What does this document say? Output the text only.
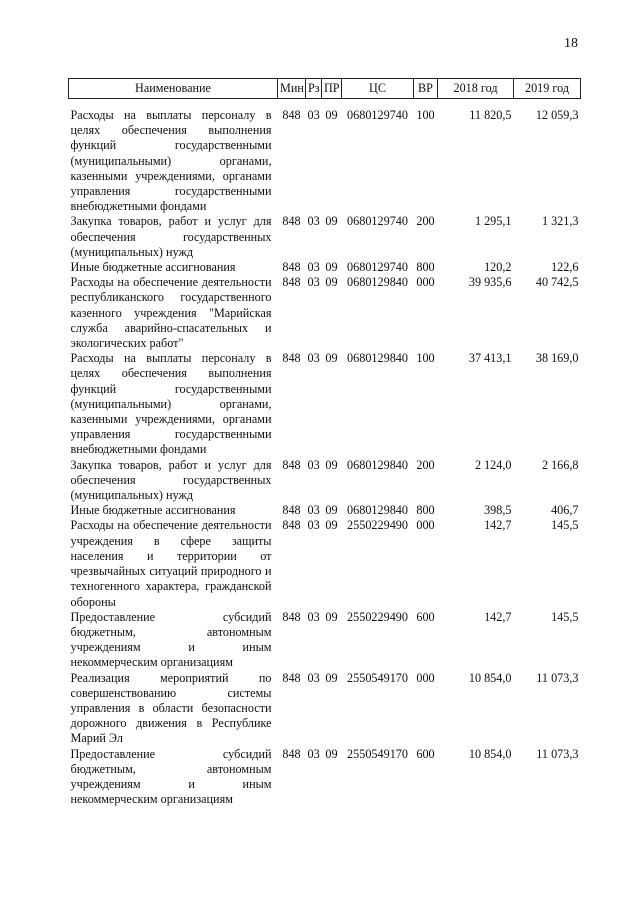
18
Наименование	Мин	Рз	ПР	ЦС	ВР	2018 год	2019 год
Расходы на выплаты персоналу в целях обеспечения выполнения функций государственными (муниципальными) органами, казенными учреждениями, органами управления государственными внебюджетными фондами	848	03	09	0680129740	100	11 820,5	12 059,3
Закупка товаров, работ и услуг для обеспечения государственных (муниципальных) нужд	848	03	09	0680129740	200	1 295,1	1 321,3
Иные бюджетные ассигнования	848	03	09	0680129740	800	120,2	122,6
Расходы на обеспечение деятельности республиканского государственного казенного учреждения "Марийская служба аварийно-спасательных и экологических работ"	848	03	09	0680129840	000	39 935,6	40 742,5
Расходы на выплаты персоналу в целях обеспечения выполнения функций государственными (муниципальными) органами, казенными учреждениями, органами управления государственными внебюджетными фондами	848	03	09	0680129840	100	37 413,1	38 169,0
Закупка товаров, работ и услуг для обеспечения государственных (муниципальных) нужд	848	03	09	0680129840	200	2 124,0	2 166,8
Иные бюджетные ассигнования	848	03	09	0680129840	800	398,5	406,7
Расходы на обеспечение деятельности учреждения в сфере защиты населения и территории от чрезвычайных ситуаций природного и техногенного характера, гражданской обороны	848	03	09	2550229490	000	142,7	145,5
Предоставление субсидий бюджетным, автономным учреждениям и иным некоммерческим организациям	848	03	09	2550229490	600	142,7	145,5
Реализация мероприятий по совершенствованию системы управления в области безопасности дорожного движения в Республике Марий Эл	848	03	09	2550549170	000	10 854,0	11 073,3
Предоставление субсидий бюджетным, автономным учреждениям и иным некоммерческим организациям	848	03	09	2550549170	600	10 854,0	11 073,3
